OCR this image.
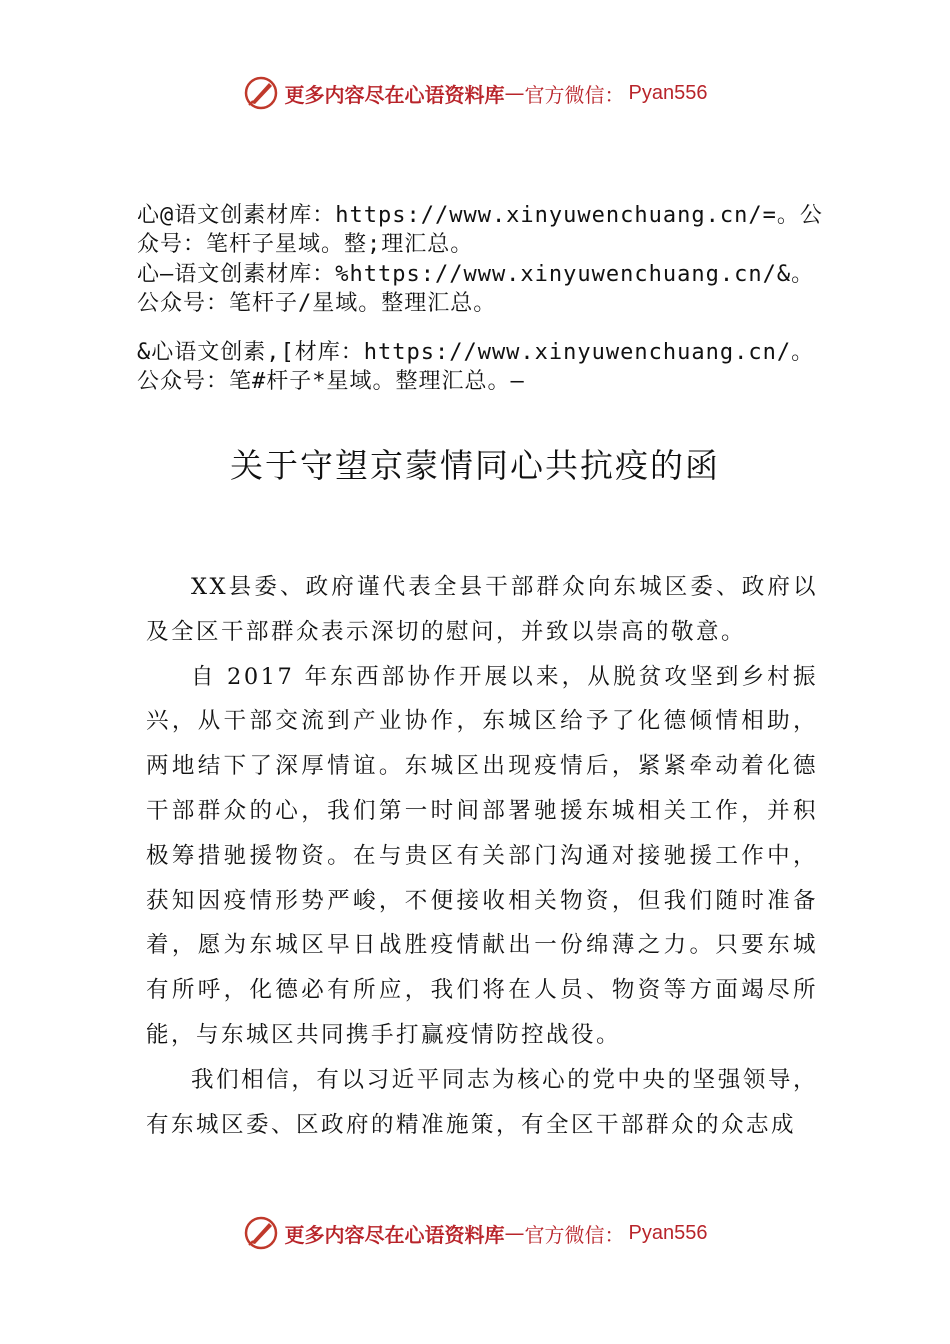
更多内容尽在心语资料库 — 官方微信： Pyan556
心@语文创素材库：https://www.xinyuwenchuang.cn/=。公众号：笔杆子星域。整;理汇总。
心—语文创素材库：%https://www.xinyuwenchuang.cn/&。公众号：笔杆子/星域。整理汇总。
&心语文创素,[材库：https://www.xinyuwenchuang.cn/。公众号：笔#杆子*星域。整理汇总。—
关于守望京蒙情同心共抗疫的函

XX县委、政府谨代表全县干部群众向东城区委、政府以及全区干部群众表示深切的慰问，并致以崇高的敬意。

自 2017 年东西部协作开展以来，从脱贫攻坚到乡村振兴，从干部交流到产业协作，东城区给予了化德倾情相助， 两地结下了深厚情谊。东城区出现疫情后，紧紧牵动着化德干部群众的心，我们第一时间部署驰援东城相关工作，并积极筹措驰援物资。在与贵区有关部门沟通对接驰援工作中， 获知因疫情形势严峻，不便接收相关物资，但我们随时准备着，愿为东城区早日战胜疫情献出一份绵薄之力。只要东城有所呼，化德必有所应，我们将在人员、物资等方面竭尽所能，与东城区共同携手打赢疫情防控战役。

我们相信，有以习近平同志为核心的党中央的坚强领导，有东城区委、区政府的精准施策，有全区干部群众的众志成

更多内容尽在心语资料库 — 官方微信： Pyan556
